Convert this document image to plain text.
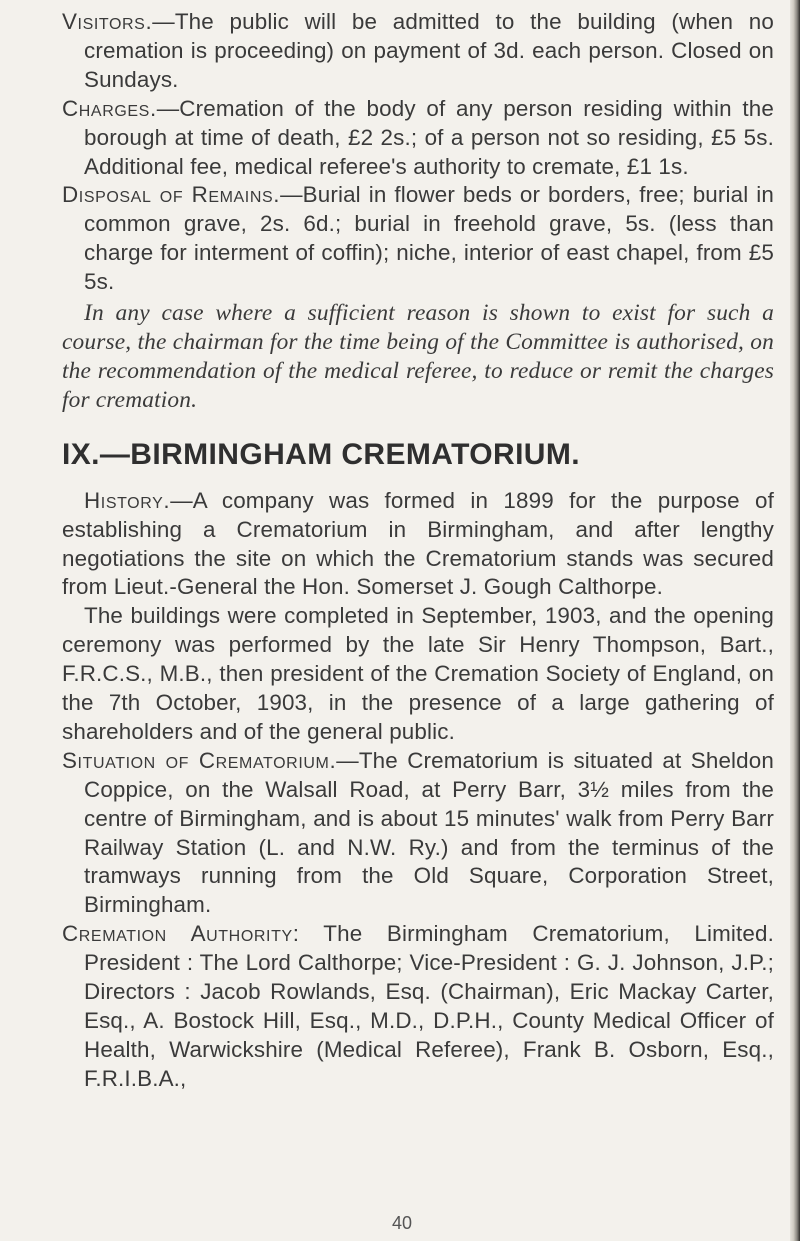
Visitors.—The public will be admitted to the building (when no cremation is proceeding) on payment of 3d. each person. Closed on Sundays.

Charges.—Cremation of the body of any person residing within the borough at time of death, £2 2s.; of a person not so residing, £5 5s. Additional fee, medical referee's authority to cremate, £1 1s.

Disposal of Remains.—Burial in flower beds or borders, free; burial in common grave, 2s. 6d.; burial in freehold grave, 5s. (less than charge for interment of coffin); niche, interior of east chapel, from £5 5s.

In any case where a sufficient reason is shown to exist for such a course, the chairman for the time being of the Committee is authorised, on the recommendation of the medical referee, to reduce or remit the charges for cremation.

IX.—BIRMINGHAM CREMATORIUM.

History.—A company was formed in 1899 for the purpose of establishing a Crematorium in Birmingham, and after lengthy negotiations the site on which the Crematorium stands was secured from Lieut.-General the Hon. Somerset J. Gough Calthorpe.

The buildings were completed in September, 1903, and the opening ceremony was performed by the late Sir Henry Thompson, Bart., F.R.C.S., M.B., then president of the Cremation Society of England, on the 7th October, 1903, in the presence of a large gathering of shareholders and of the general public.

Situation of Crematorium.—The Crematorium is situated at Sheldon Coppice, on the Walsall Road, at Perry Barr, 3½ miles from the centre of Birmingham, and is about 15 minutes' walk from Perry Barr Railway Station (L. and N.W. Ry.) and from the terminus of the tramways running from the Old Square, Corporation Street, Birmingham.

Cremation Authority: The Birmingham Crematorium, Limited. President : The Lord Calthorpe; Vice-President : G. J. Johnson, J.P.; Directors : Jacob Rowlands, Esq. (Chairman), Eric Mackay Carter, Esq., A. Bostock Hill, Esq., M.D., D.P.H., County Medical Officer of Health, Warwickshire (Medical Referee), Frank B. Osborn, Esq., F.R.I.B.A.,

40
